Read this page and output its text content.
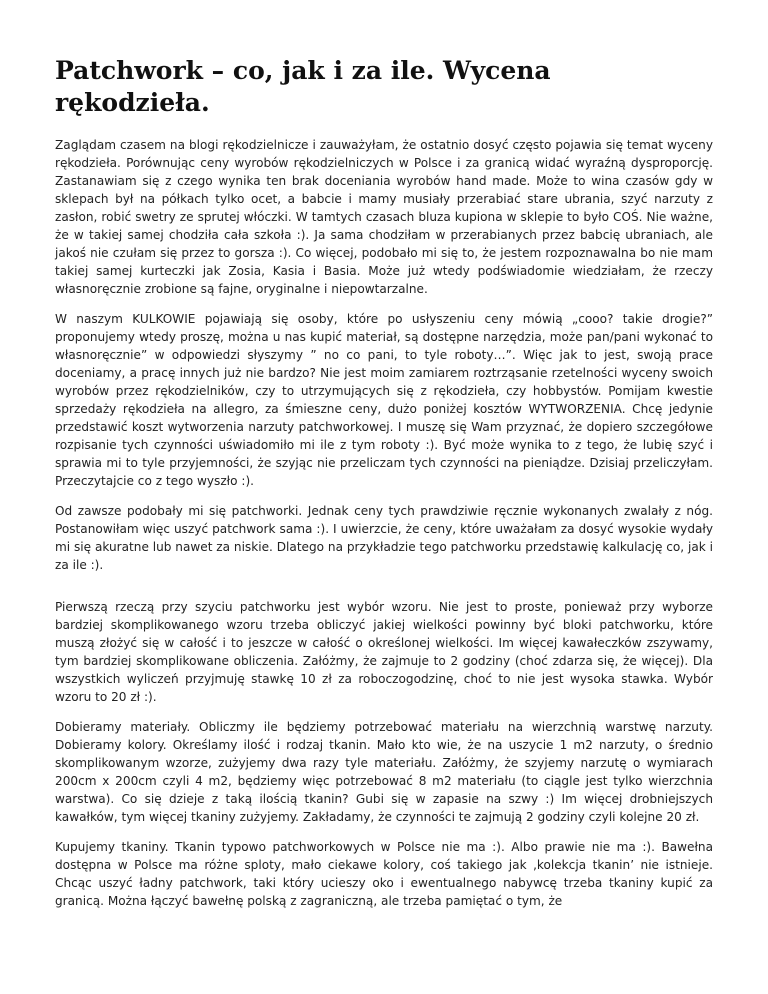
Patchwork – co, jak i za ile. Wycena rękodzieła.

Zaglądam czasem na blogi rękodzielnicze i zauważyłam, że ostatnio dosyć często pojawia się temat wyceny rękodzieła. Porównując ceny wyrobów rękodzielniczych w Polsce i za granicą widać wyraźną dysproporcję. Zastanawiam się z czego wynika ten brak doceniania wyrobów hand made. Może to wina czasów gdy w sklepach był na półkach tylko ocet, a babcie i mamy musiały przerabiać stare ubrania, szyć narzuty z zasłon, robić swetry ze sprutej włóczki. W tamtych czasach bluza kupiona w sklepie to było COŚ. Nie ważne, że w takiej samej chodziła cała szkoła :). Ja sama chodziłam w przerabianych przez babcię ubraniach, ale jakoś nie czułam się przez to gorsza :). Co więcej, podobało mi się to, że jestem rozpoznawalna bo nie mam takiej samej kurteczki jak Zosia, Kasia i Basia. Może już wtedy podświadomie wiedziałam, że rzeczy własnoręcznie zrobione są fajne, oryginalne i niepowtarzalne.

W naszym KULKOWIE pojawiają się osoby, które po usłyszeniu ceny mówią „cooo? takie drogie?” proponujemy wtedy proszę, można u nas kupić materiał, są dostępne narzędzia, może pan/pani wykonać to własnoręcznie” w odpowiedzi słyszymy ” no co pani, to tyle roboty…”. Więc jak to jest, swoją prace doceniamy, a pracę innych już nie bardzo? Nie jest moim zamiarem roztrząsanie rzetelności wyceny swoich wyrobów przez rękodzielników, czy to utrzymujących się z rękodzieła, czy hobbystów. Pomijam kwestie sprzedaży rękodzieła na allegro, za śmieszne ceny, dużo poniżej kosztów WYTWORZENIA. Chcę jedynie przedstawić koszt wytworzenia narzuty patchworkowej. I muszę się Wam przyznać, że dopiero szczegółowe rozpisanie tych czynności uświadomiło mi ile z tym roboty :). Być może wynika to z tego, że lubię szyć i sprawia mi to tyle przyjemności, że szyjąc nie przeliczam tych czynności na pieniądze. Dzisiaj przeliczyłam. Przeczytajcie co z tego wyszło :).

Od zawsze podobały mi się patchworki. Jednak ceny tych prawdziwie ręcznie wykonanych zwalały z nóg. Postanowiłam więc uszyć patchwork sama :). I uwierzcie, że ceny, które uważałam za dosyć wysokie wydały mi się akuratne lub nawet za niskie. Dlatego na przykładzie tego patchworku przedstawię kalkulację co, jak i za ile :).

Pierwszą rzeczą przy szyciu patchworku jest wybór wzoru. Nie jest to proste, ponieważ przy wyborze bardziej skomplikowanego wzoru trzeba obliczyć jakiej wielkości powinny być bloki patchworku, które muszą złożyć się w całość i to jeszcze w całość o określonej wielkości. Im więcej kawałeczków zszywamy, tym bardziej skomplikowane obliczenia. Załóżmy, że zajmuje to 2 godziny (choć zdarza się, że więcej). Dla wszystkich wyliczeń przyjmuję stawkę 10 zł za roboczogodzinę, choć to nie jest wysoka stawka. Wybór wzoru to 20 zł :).

Dobieramy materiały. Obliczmy ile będziemy potrzebować materiału na wierzchnią warstwę narzuty. Dobieramy kolory. Określamy ilość i rodzaj tkanin. Mało kto wie, że na uszycie 1 m2 narzuty, o średnio skomplikowanym wzorze, zużyjemy dwa razy tyle materiału. Załóżmy, że szyjemy narzutę o wymiarach 200cm x 200cm czyli 4 m2, będziemy więc potrzebować 8 m2 materiału (to ciągle jest tylko wierzchnia warstwa). Co się dzieje z taką ilością tkanin? Gubi się w zapasie na szwy :) Im więcej drobniejszych kawałków, tym więcej tkaniny zużyjemy. Zakładamy, że czynności te zajmują 2 godziny czyli kolejne 20 zł.

Kupujemy tkaniny. Tkanin typowo patchworkowych w Polsce nie ma :). Albo prawie nie ma :). Bawełna dostępna w Polsce ma różne sploty, mało ciekawe kolory, coś takiego jak ‚kolekcja tkanin’ nie istnieje. Chcąc uszyć ładny patchwork, taki który ucieszy oko i ewentualnego nabywcę trzeba tkaniny kupić za granicą. Można łączyć bawełnę polską z zagraniczną, ale trzeba pamiętać o tym, że
